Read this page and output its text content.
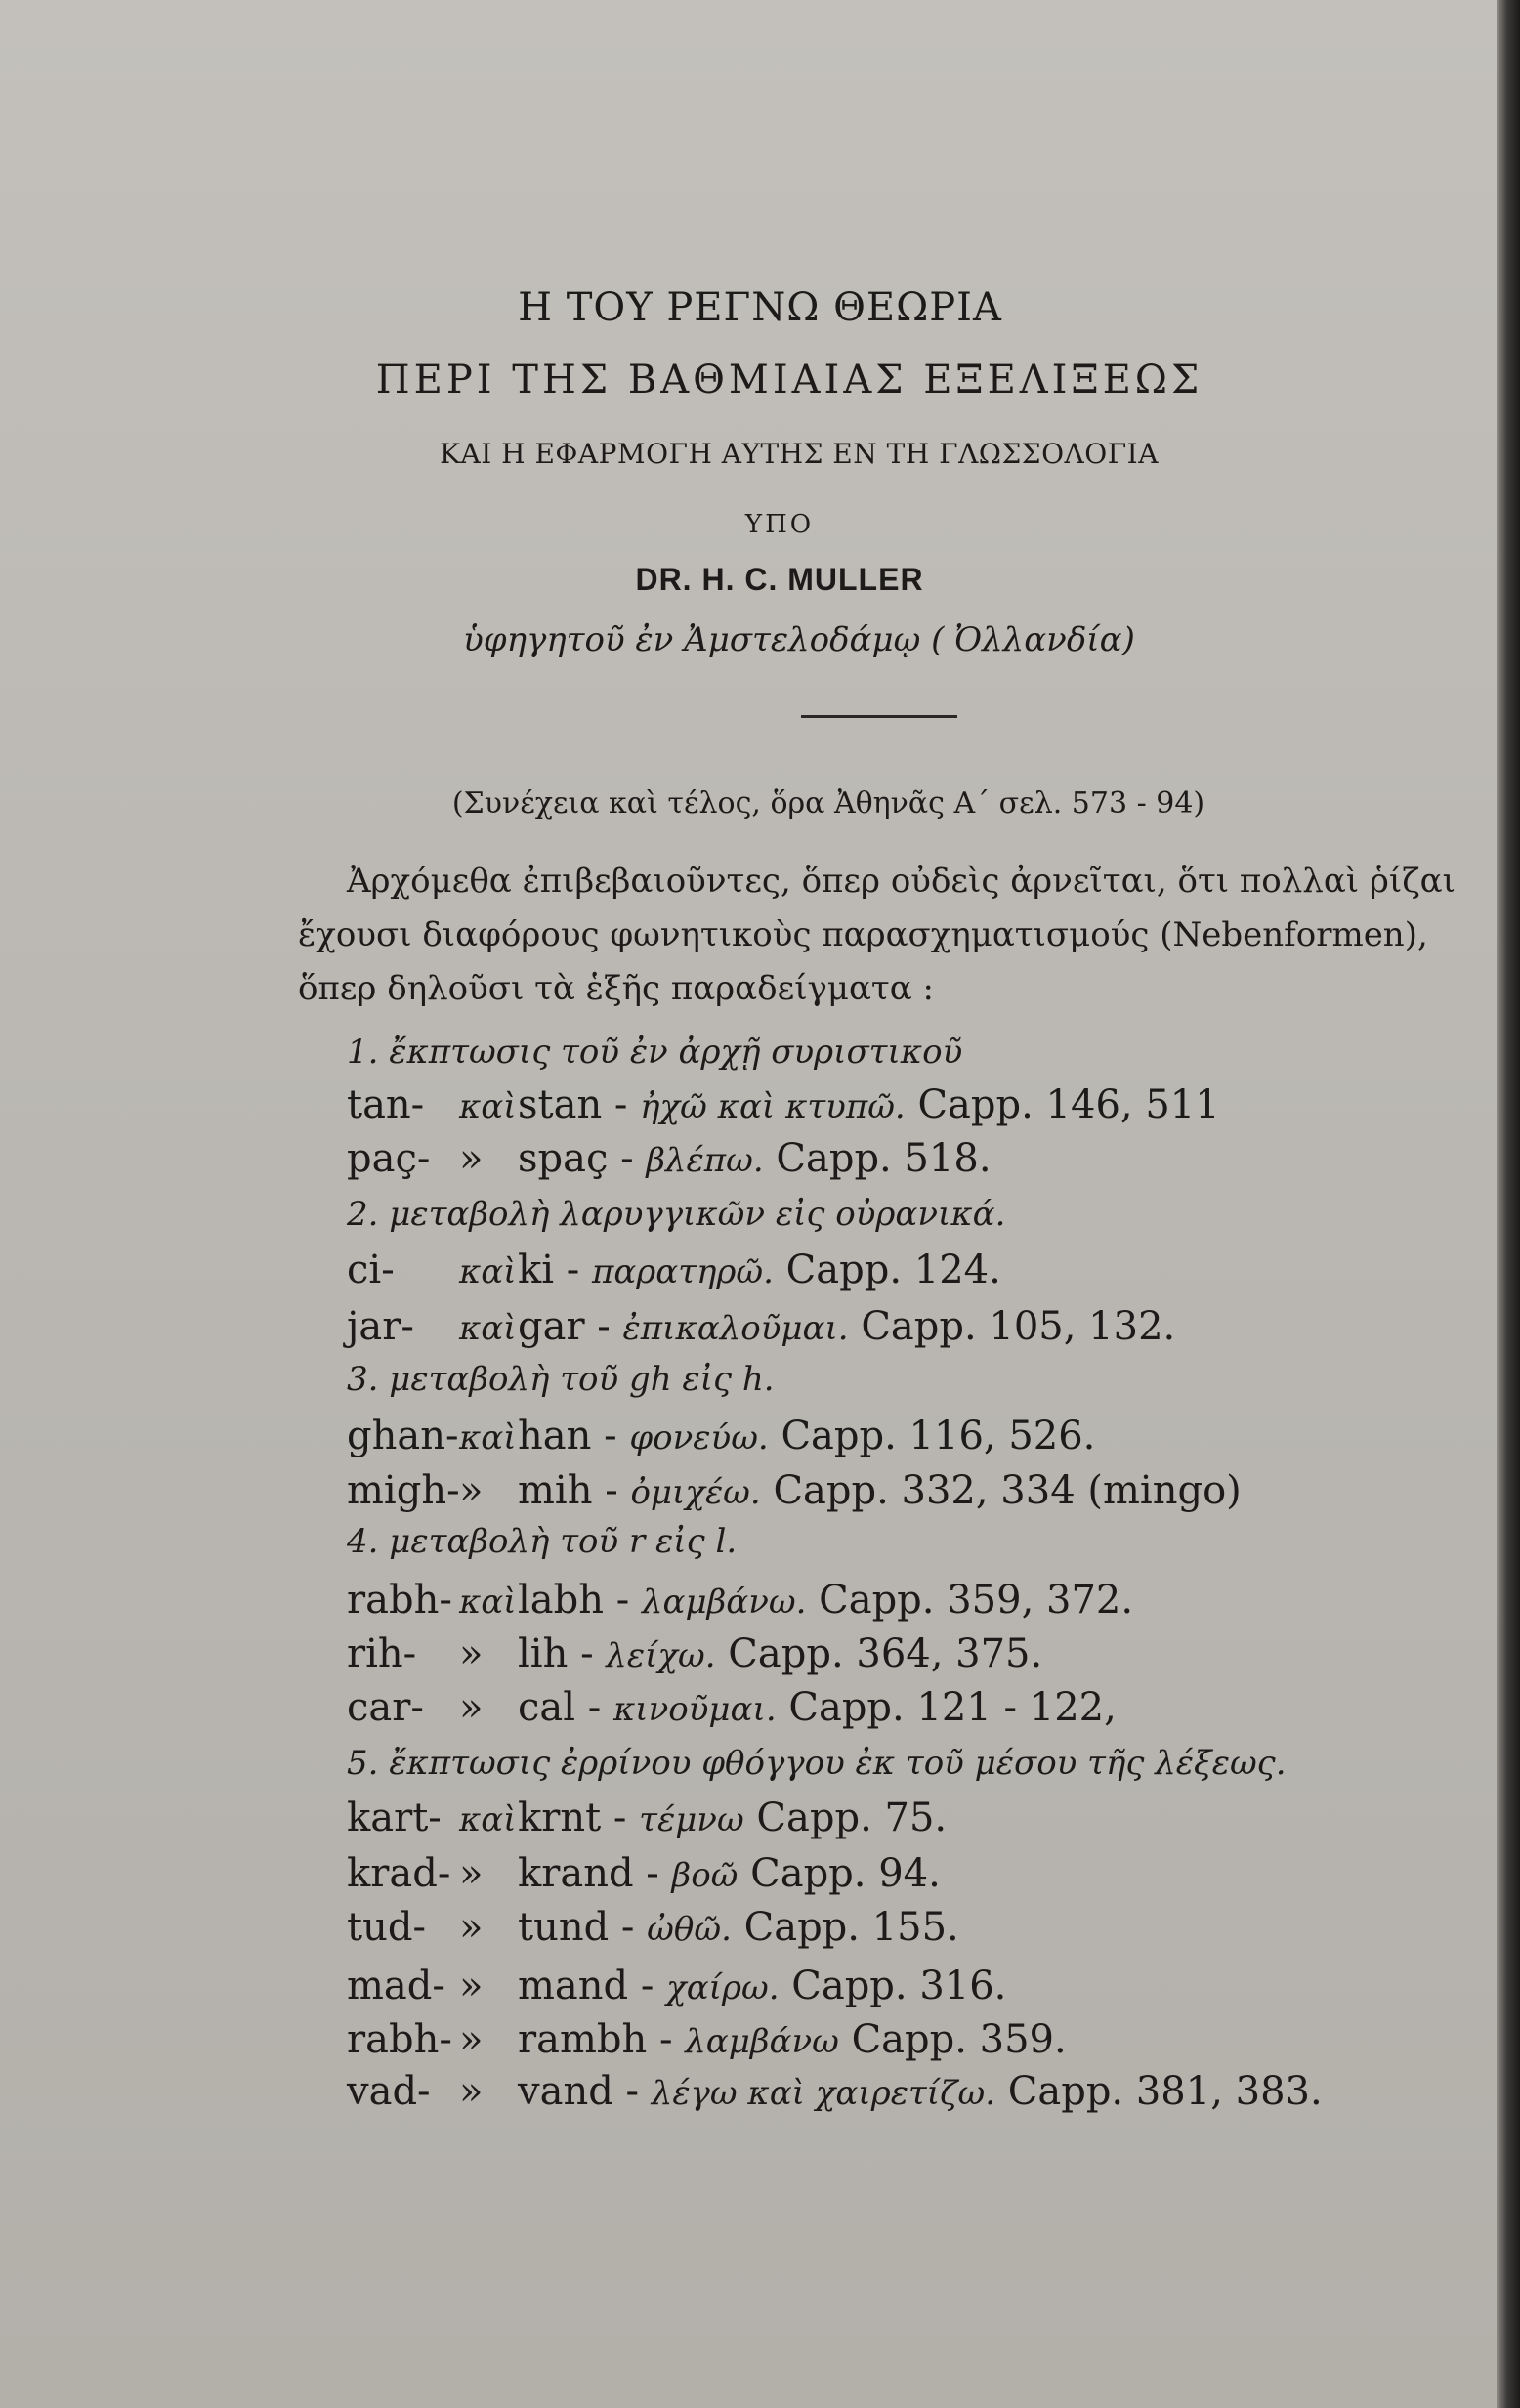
Η ΤΟΥ ΡΕΓΝΩ ΘΕΩΡΙΑ

ΠΕΡΙ ΤΗΣ ΒΑΘΜΙΑΙΑΣ ΕΞΕΛΙΞΕΩΣ

ΚΑΙ Η ΕΦΑΡΜΟΓΗ ΑΥΤΗΣ ΕΝ ΤΗ ΓΛΩΣΣΟΛΟΓΙΑ

ΥΠΟ

DR. H. C. MULLER

ὑφηγητοῦ ἐν Ἀμστελοδάμῳ ( Ὀλλανδία)

(Συνέχεια καὶ τέλος, ὅρα Ἀθηνᾶς Α΄ σελ. 573 - 94)

Ἀρχόμεθα ἐπιβεβαιοῦντες, ὅπερ οὐδεὶς ἀρνεῖται, ὅτι πολλαὶ ῥίζαι ἔχουσι διαφόρους φωνητικοὺς παρασχηματισμούς (Nebenformen), ὅπερ δηλοῦσι τὰ ἑξῆς παραδείγματα :

1. ἔκπτωσις τοῦ ἐν ἀρχῇ συριστικοῦ

tan- καὶ stan - ἠχῶ καὶ κτυπῶ. Capp. 146, 511

paç- » spaç - βλέπω. Capp. 518.

2. μεταβολὴ λαρυγγικῶν εἰς οὐρανικά.

ci- καὶ ki - παρατηρῶ. Capp. 124.

jar- καὶ gar - ἐπικαλοῦμαι. Capp. 105, 132.

3. μεταβολὴ τοῦ gh εἰς h.

ghan- καὶ han - φονεύω. Capp. 116, 526.

migh- » mih - ὀμιχέω. Capp. 332, 334 (mingo)

4. μεταβολὴ τοῦ r εἰς l.

rabh- καὶ labh - λαμβάνω. Capp. 359, 372.

rih- » lih - λείχω. Capp. 364, 375.

car- » cal - κινοῦμαι. Capp. 121 - 122,

5. ἔκπτωσις ἐρρίνου φθόγγου ἐκ τοῦ μέσου τῆς λέξεως.

kart- καὶ krnt - τέμνω Capp. 75.

krad- » krand - βοῶ Capp. 94.

tud- » tund - ὠθῶ. Capp. 155.

mad- » mand - χαίρω. Capp. 316.

rabh- » rambh - λαμβάνω Capp. 359.

vad- » vand - λέγω καὶ χαιρετίζω. Capp. 381, 383.
